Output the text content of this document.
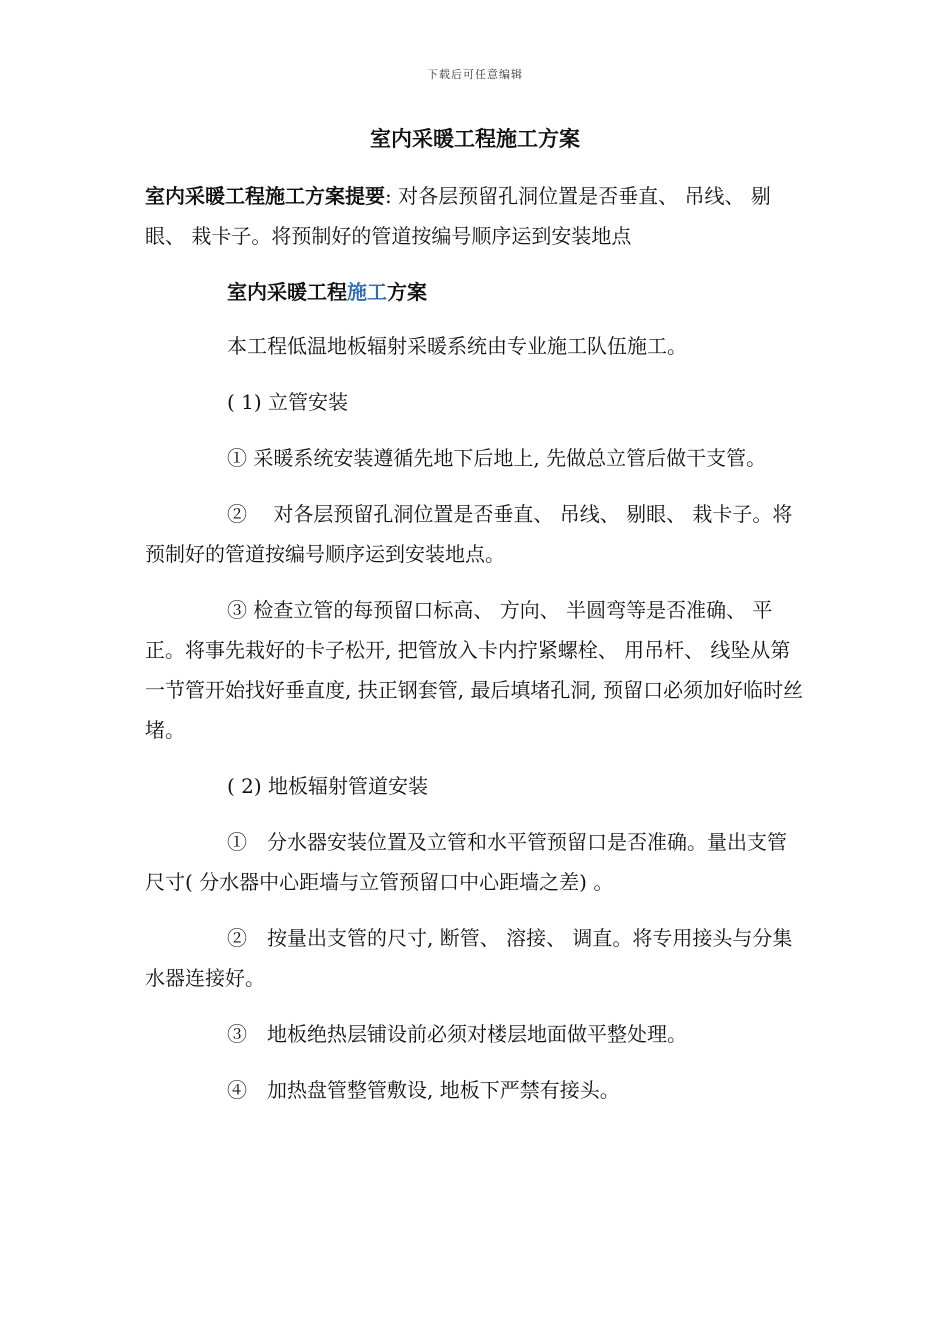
下载后可任意编辑
室内采暖工程施工方案
室内采暖工程施工方案提要: 对各层预留孔洞位置是否垂直、 吊线、 剔眼、 栽卡子。将预制好的管道按编号顺序运到安装地点

室内采暖工程施工方案

本工程低温地板辐射采暖系统由专业施工队伍施工。

( 1) 立管安装

① 采暖系统安装遵循先地下后地上, 先做总立管后做干支管。

②　 对各层预留孔洞位置是否垂直、 吊线、 剔眼、 栽卡子。将预制好的管道按编号顺序运到安装地点。

③ 检查立管的每预留口标高、 方向、 半圆弯等是否准确、 平正。将事先栽好的卡子松开, 把管放入卡内拧紧螺栓、 用吊杆、 线坠从第一节管开始找好垂直度, 扶正钢套管, 最后填堵孔洞, 预留口必须加好临时丝堵。

( 2) 地板辐射管道安装

①　分水器安装位置及立管和水平管预留口是否准确。量出支管尺寸( 分水器中心距墙与立管预留口中心距墙之差) 。

②　按量出支管的尺寸, 断管、 溶接、 调直。将专用接头与分集水器连接好。

③　地板绝热层铺设前必须对楼层地面做平整处理。

④　加热盘管整管敷设, 地板下严禁有接头。
